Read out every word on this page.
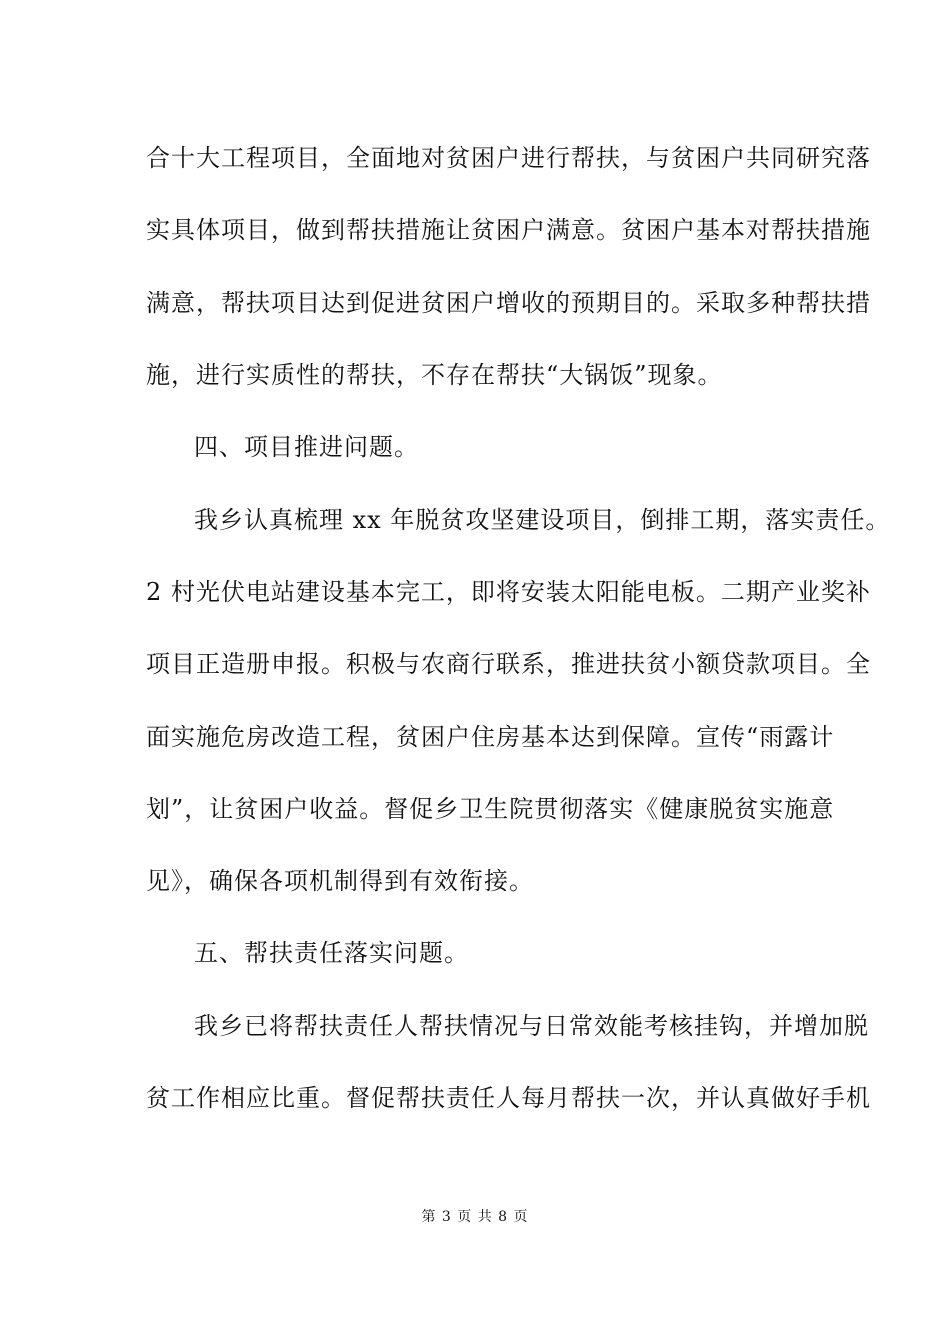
合十大工程项目，全面地对贫困户进行帮扶，与贫困户共同研究落
实具体项目，做到帮扶措施让贫困户满意。贫困户基本对帮扶措施
满意，帮扶项目达到促进贫困户增收的预期目的。采取多种帮扶措
施，进行实质性的帮扶，不存在帮扶“大锅饭”现象。
四、项目推进问题。
我乡认真梳理 xx 年脱贫攻坚建设项目，倒排工期，落实责任。
2 村光伏电站建设基本完工，即将安装太阳能电板。二期产业奖补
项目正造册申报。积极与农商行联系，推进扶贫小额贷款项目。全
面实施危房改造工程，贫困户住房基本达到保障。宣传“雨露计
划”，让贫困户收益。督促乡卫生院贯彻落实《健康脱贫实施意
见》，确保各项机制得到有效衔接。
五、帮扶责任落实问题。
我乡已将帮扶责任人帮扶情况与日常效能考核挂钩，并增加脱
贫工作相应比重。督促帮扶责任人每月帮扶一次，并认真做好手机
第 3 页 共 8 页
